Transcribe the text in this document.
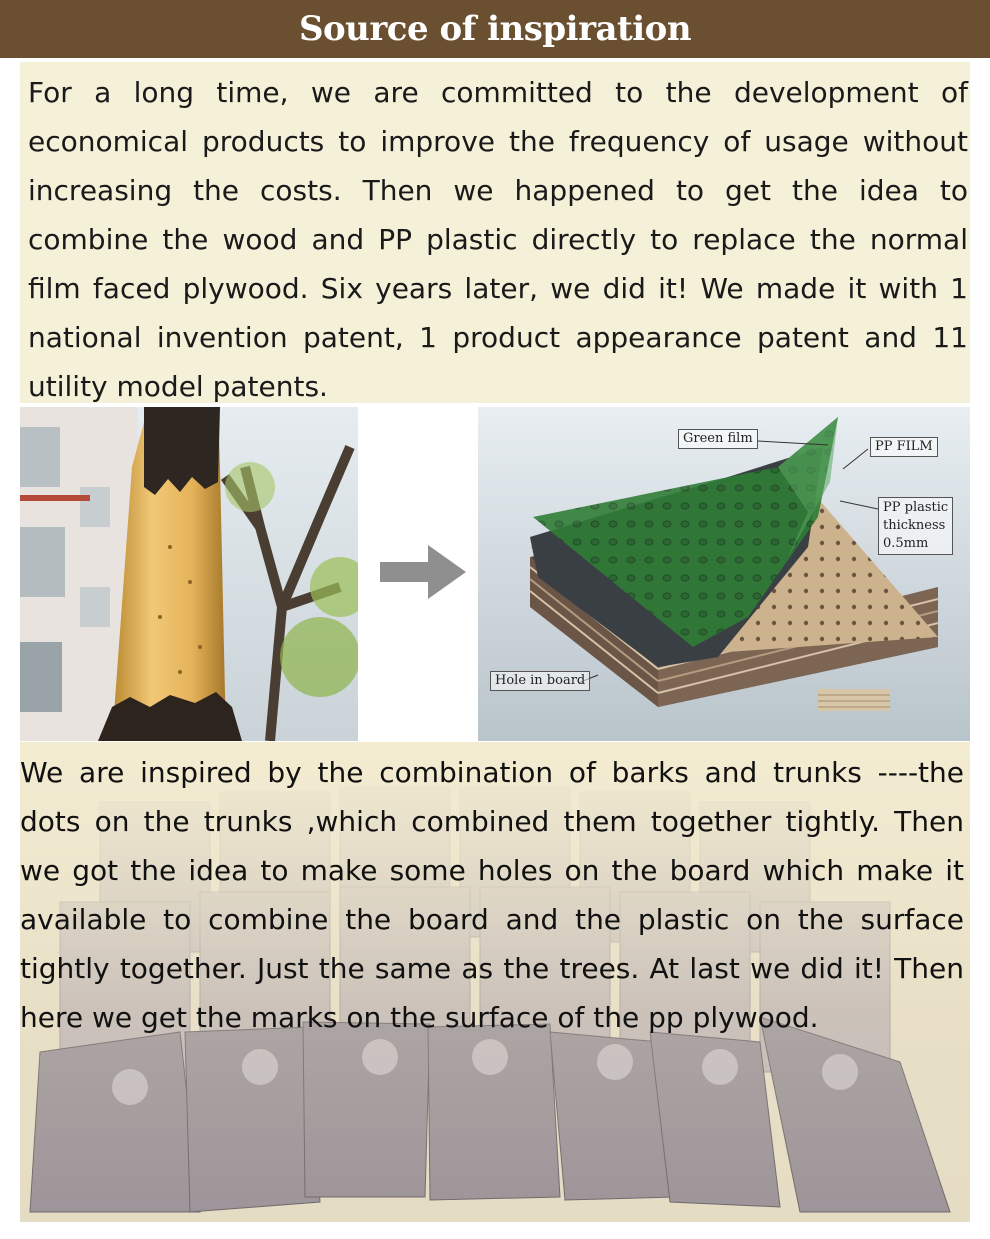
Source of inspiration

For a long time, we are committed to the development of economical products to improve the frequency of usage without increasing the costs. Then we happened to get the idea to combine the wood and PP plastic directly to replace the normal film faced plywood. Six years later, we did it! We made it with 1 national invention patent, 1 product appearance patent and 11 utility model patents.

Green film
PP FILM
PP plastic
thickness
0.5mm
Hole in board

We are inspired by the combination of barks and trunks ----the dots on the trunks ,which combined them together tightly. Then we got the idea to make some holes on the board which make it available to combine the board and the plastic on the surface tightly together. Just the same as the trees. At last we did it! Then here we get the marks on the surface of the pp plywood.
